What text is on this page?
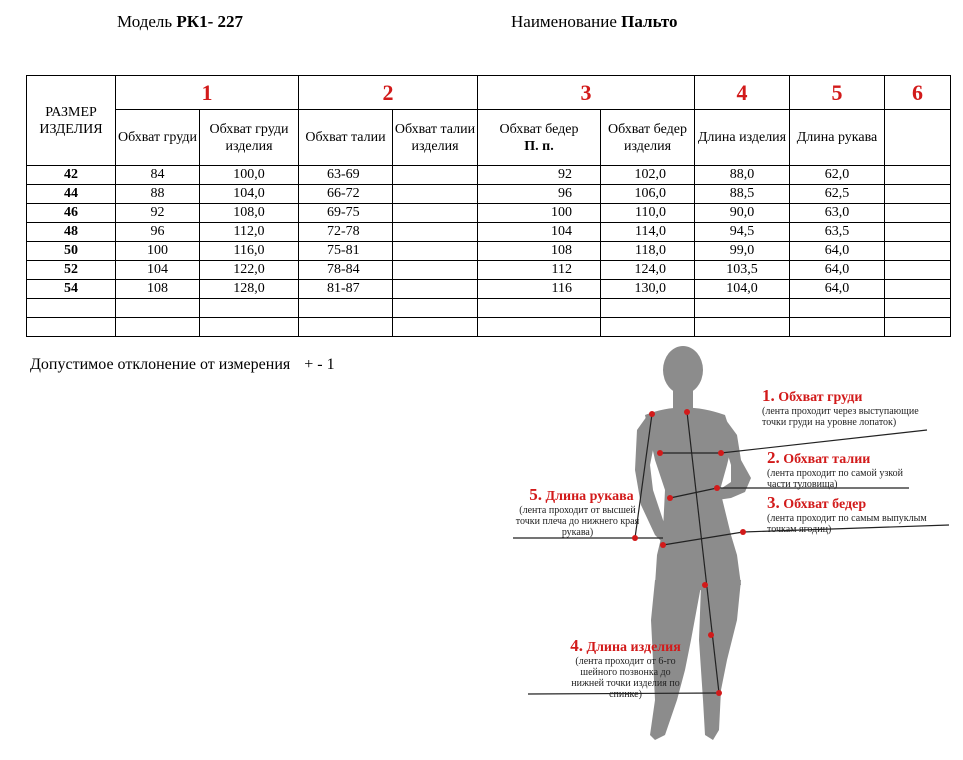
Модель РК1- 227	Наименование Пальто
РАЗМЕР ИЗДЕЛИЯ	1		2		3		4	5	6
	Обхват груди	Обхват груди изделия	Обхват талии	Обхват талии изделия	Обхват бедер
П. п.	Обхват бедер изделия	Длина изделия	Длина рукава	
42	84	100,0	63-69		92	102,0	88,0	62,0	
44	88	104,0	66-72		96	106,0	88,5	62,5	
46	92	108,0	69-75		100	110,0	90,0	63,0	
48	96	112,0	72-78		104	114,0	94,5	63,5	
50	100	116,0	75-81		108	118,0	99,0	64,0	
52	104	122,0	78-84		112	124,0	103,5	64,0	
54	108	128,0	81-87		116	130,0	104,0	64,0	

Допустимое отклонение от измерения + - 1
1. Обхват груди
(лента проходит через выступающие точки груди на уровне лопаток)
2. Обхват талии
(лента проходит по самой узкой части туловища)
3. Обхват бедер
(лента проходит по самым выпуклым точкам ягодиц)
5. Длина рукава
(лента проходит от высшей точки плеча до нижнего края рукава)
4. Длина изделия
(лента проходит от 6-го шейного позвонка до нижней точки изделия по спинке)
